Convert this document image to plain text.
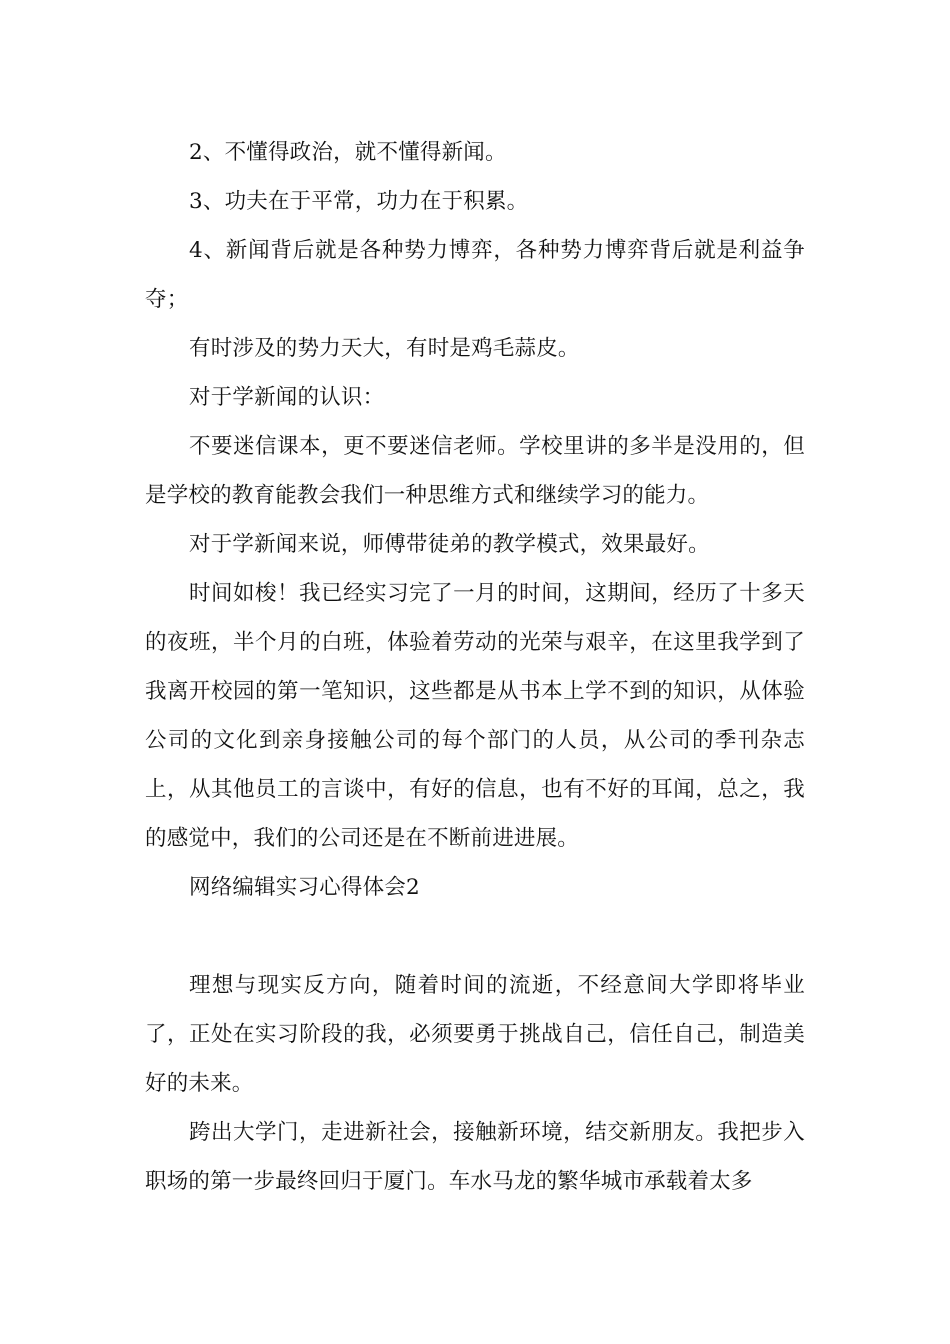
2、不懂得政治，就不懂得新闻。

3、功夫在于平常，功力在于积累。

4、新闻背后就是各种势力博弈，各种势力博弈背后就是利益争夺；

有时涉及的势力天大，有时是鸡毛蒜皮。

对于学新闻的认识：

不要迷信课本，更不要迷信老师。学校里讲的多半是没用的，但是学校的教育能教会我们一种思维方式和继续学习的能力。

对于学新闻来说，师傅带徒弟的教学模式，效果最好。

时间如梭！我已经实习完了一月的时间，这期间，经历了十多天的夜班，半个月的白班，体验着劳动的光荣与艰辛，在这里我学到了我离开校园的第一笔知识，这些都是从书本上学不到的知识，从体验公司的文化到亲身接触公司的每个部门的人员，从公司的季刊杂志上，从其他员工的言谈中，有好的信息，也有不好的耳闻，总之，我的感觉中，我们的公司还是在不断前进进展。

网络编辑实习心得体会2

理想与现实反方向，随着时间的流逝，不经意间大学即将毕业了，正处在实习阶段的我，必须要勇于挑战自己，信任自己，制造美好的未来。

跨出大学门，走进新社会，接触新环境，结交新朋友。我把步入职场的第一步最终回归于厦门。车水马龙的繁华城市承载着太多
